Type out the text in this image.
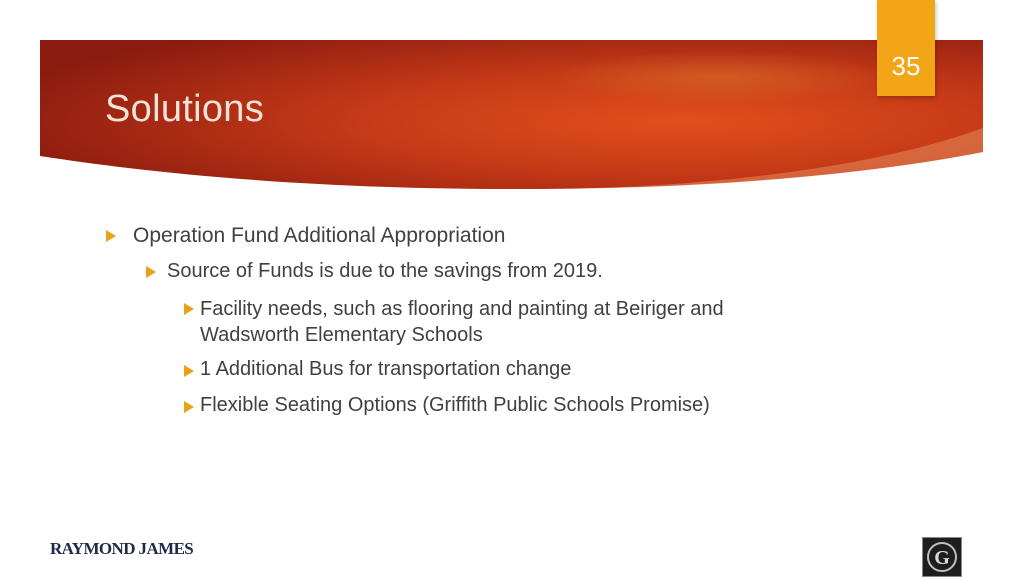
Solutions
35
Operation Fund Additional Appropriation
Source of Funds is due to the savings from 2019.
Facility needs, such as flooring and painting at Beiriger and Wadsworth Elementary Schools
1 Additional Bus for transportation change
Flexible Seating Options (Griffith Public Schools Promise)
RAYMOND JAMES	G
